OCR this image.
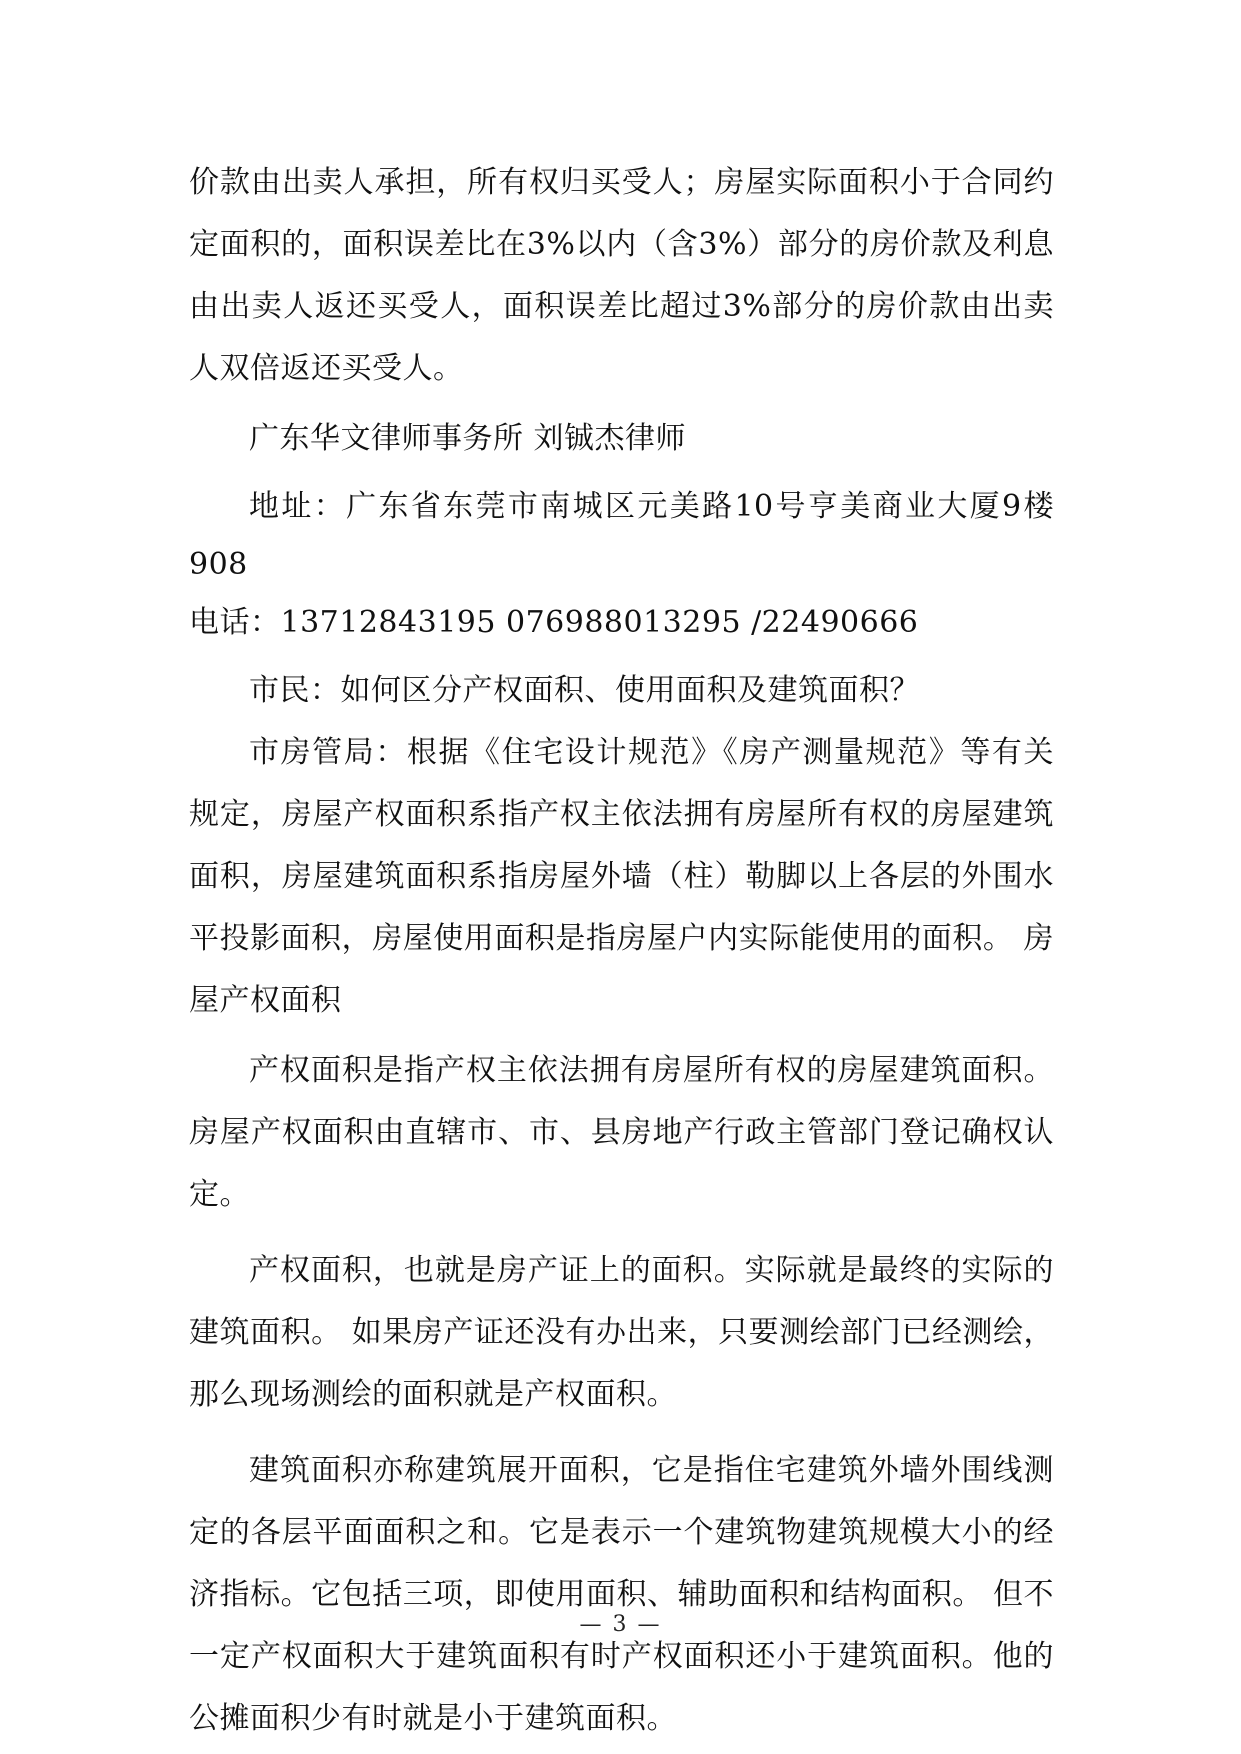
价款由出卖人承担，所有权归买受人；房屋实际面积小于合同约定面积的，面积误差比在3%以内（含3%）部分的房价款及利息由出卖人返还买受人，面积误差比超过3%部分的房价款由出卖人双倍返还买受人。

广东华文律师事务所 刘铖杰律师

地址：广东省东莞市南城区元美路10号亨美商业大厦9楼908

电话：13712843195 076988013295 /22490666

市民：如何区分产权面积、使用面积及建筑面积？

市房管局：根据《住宅设计规范》《房产测量规范》等有关规定，房屋产权面积系指产权主依法拥有房屋所有权的房屋建筑面积，房屋建筑面积系指房屋外墙（柱）勒脚以上各层的外围水平投影面积，房屋使用面积是指房屋户内实际能使用的面积。 房屋产权面积

产权面积是指产权主依法拥有房屋所有权的房屋建筑面积。房屋产权面积由直辖市、市、县房地产行政主管部门登记确权认定。

产权面积，也就是房产证上的面积。实际就是最终的实际的建筑面积。 如果房产证还没有办出来，只要测绘部门已经测绘，那么现场测绘的面积就是产权面积。

建筑面积亦称建筑展开面积，它是指住宅建筑外墙外围线测定的各层平面面积之和。它是表示一个建筑物建筑规模大小的经济指标。它包括三项，即使用面积、辅助面积和结构面积。 但不一定产权面积大于建筑面积有时产权面积还小于建筑面积。他的公摊面积少有时就是小于建筑面积。

— 3 —
